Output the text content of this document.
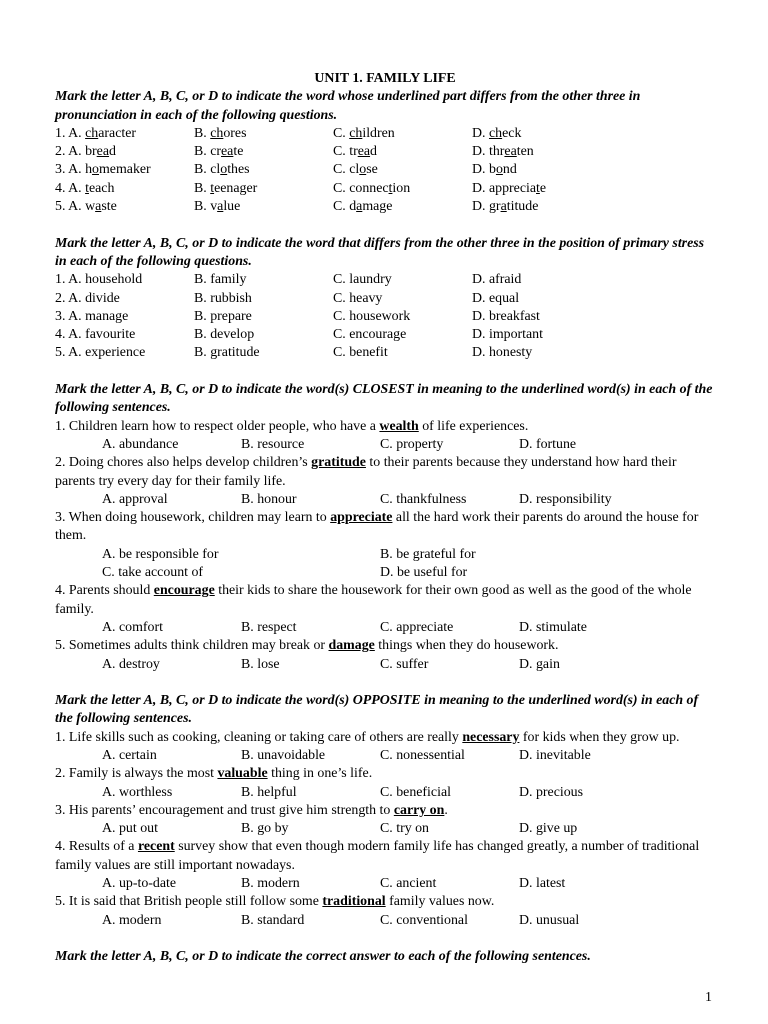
UNIT 1. FAMILY LIFE
Mark the letter A, B, C, or D to indicate the word whose underlined part differs from the other three in pronunciation in each of the following questions.
1. A. character	B. chores	C. children	D. check
2. A. bread	B. create	C. tread	D. threaten
3. A. homemaker	B. clothes	C. close	D. bond
4. A. teach	B. teenager	C. connection	D. appreciate
5. A. waste	B. value	C. damage	D. gratitude
Mark the letter A, B, C, or D to indicate the word that differs from the other three in the position of primary stress in each of the following questions.
1. A. household	B. family	C. laundry	D. afraid
2. A. divide	B. rubbish	C. heavy	D. equal
3. A. manage	B. prepare	C. housework	D. breakfast
4. A. favourite	B. develop	C. encourage	D. important
5. A. experience	B. gratitude	C. benefit	D. honesty
Mark the letter A, B, C, or D to indicate the word(s) CLOSEST in meaning to the underlined word(s) in each of the following sentences.
1. Children learn how to respect older people, who have a wealth of life experiences.
A. abundance	B. resource	C. property	D. fortune
2. Doing chores also helps develop children’s gratitude to their parents because they understand how hard their parents try every day for their family life.
A. approval	B. honour	C. thankfulness	D. responsibility
3. When doing housework, children may learn to appreciate all the hard work their parents do around the house for them.
A. be responsible for	B. be grateful for
C. take account of	D. be useful for
4. Parents should encourage their kids to share the housework for their own good as well as the good of the whole family.
A. comfort	B. respect	C. appreciate	D. stimulate
5. Sometimes adults think children may break or damage things when they do housework.
A. destroy	B. lose	C. suffer	D. gain
Mark the letter A, B, C, or D to indicate the word(s) OPPOSITE in meaning to the underlined word(s) in each of the following sentences.
1. Life skills such as cooking, cleaning or taking care of others are really necessary for kids when they grow up.
A. certain	B. unavoidable	C. nonessential	D. inevitable
2. Family is always the most valuable thing in one’s life.
A. worthless	B. helpful	C. beneficial	D. precious
3. His parents’ encouragement and trust give him strength to carry on.
A. put out	B. go by	C. try on	D. give up
4. Results of a recent survey show that even though modern family life has changed greatly, a number of traditional family values are still important nowadays.
A. up-to-date	B. modern	C. ancient	D. latest
5. It is said that British people still follow some traditional family values now.
A. modern	B. standard	C. conventional	D. unusual
Mark the letter A, B, C, or D to indicate the correct answer to each of the following sentences.
1
